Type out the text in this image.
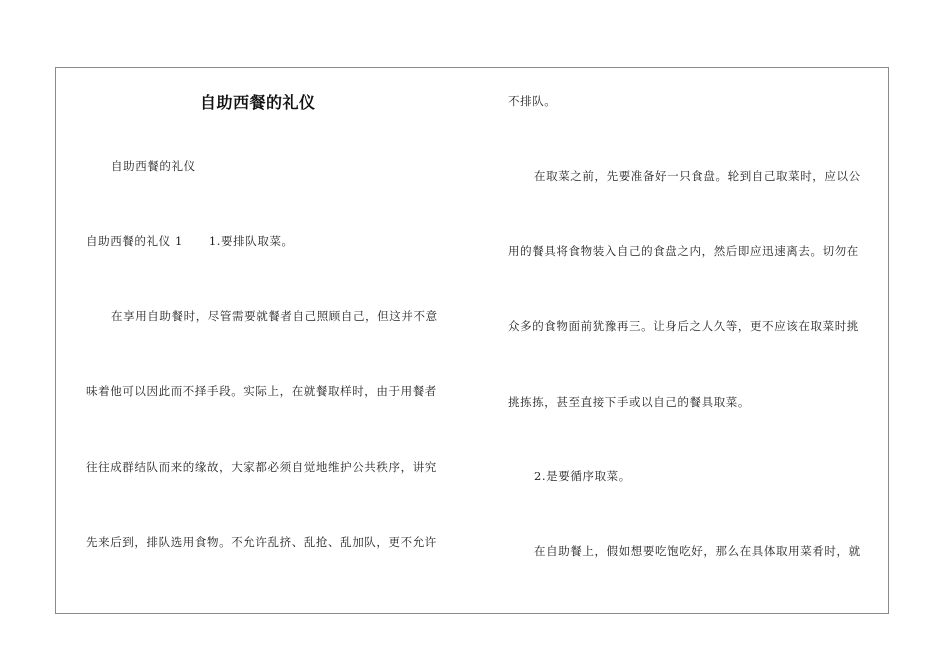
自助西餐的礼仪
自助西餐的礼仪
自助西餐的礼仪 1 1.要排队取菜。
在享用自助餐时，尽管需要就餐者自己照顾自己，但这并不意
味着他可以因此而不择手段。实际上，在就餐取样时，由于用餐者
往往成群结队而来的缘故，大家都必须自觉地维护公共秩序，讲究
先来后到，排队选用食物。不允许乱挤、乱抢、乱加队，更不允许
不排队。
在取菜之前，先要准备好一只食盘。轮到自己取菜时，应以公
用的餐具将食物装入自己的食盘之内，然后即应迅速离去。切勿在
众多的食物面前犹豫再三。让身后之人久等，更不应该在取菜时挑
挑拣拣，甚至直接下手或以自己的餐具取菜。
2.是要循序取菜。
在自助餐上，假如想要吃饱吃好，那么在具体取用菜肴时，就
